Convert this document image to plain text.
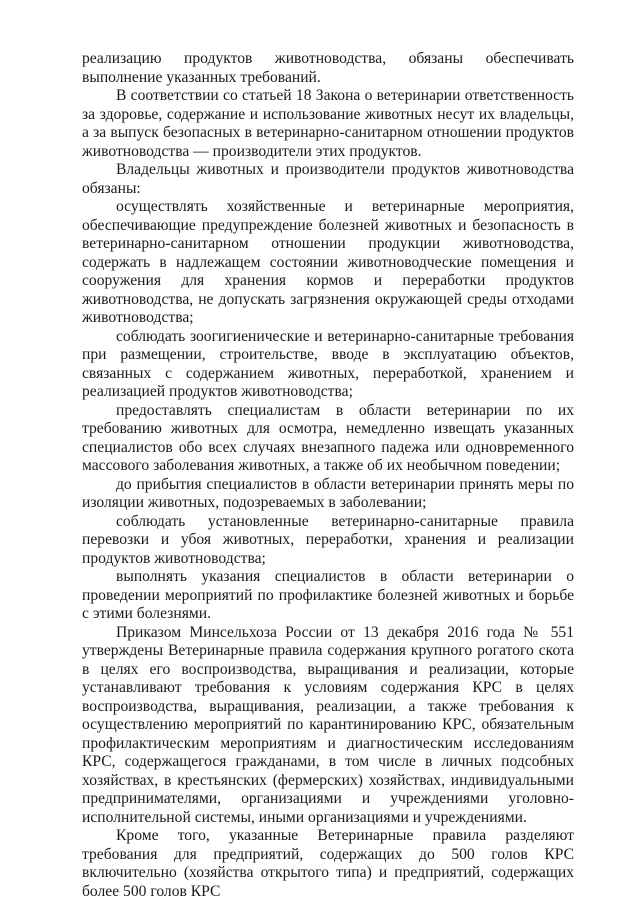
реализацию продуктов животноводства, обязаны обеспечивать выполнение указанных требований.

В соответствии со статьей 18 Закона о ветеринарии ответственность за здоровье, содержание и использование животных несут их владельцы, а за выпуск безопасных в ветеринарно-санитарном отношении продуктов животноводства — производители этих продуктов.

Владельцы животных и производители продуктов животноводства обязаны:

осуществлять хозяйственные и ветеринарные мероприятия, обеспечивающие предупреждение болезней животных и безопасность в ветеринарно-санитарном отношении продукции животноводства, содержать в надлежащем состоянии животноводческие помещения и сооружения для хранения кормов и переработки продуктов животноводства, не допускать загрязнения окружающей среды отходами животноводства;

соблюдать зоогигиенические и ветеринарно-санитарные требования при размещении, строительстве, вводе в эксплуатацию объектов, связанных с содержанием животных, переработкой, хранением и реализацией продуктов животноводства;

предоставлять специалистам в области ветеринарии по их требованию животных для осмотра, немедленно извещать указанных специалистов обо всех случаях внезапного падежа или одновременного массового заболевания животных, а также об их необычном поведении;

до прибытия специалистов в области ветеринарии принять меры по изоляции животных, подозреваемых в заболевании;

соблюдать установленные ветеринарно-санитарные правила перевозки и убоя животных, переработки, хранения и реализации продуктов животноводства;

выполнять указания специалистов в области ветеринарии о проведении мероприятий по профилактике болезней животных и борьбе с этими болезнями.

Приказом Минсельхоза России от 13 декабря 2016 года № 551 утверждены Ветеринарные правила содержания крупного рогатого скота в целях его воспроизводства, выращивания и реализации, которые устанавливают требования к условиям содержания КРС в целях воспроизводства, выращивания, реализации, а также требования к осуществлению мероприятий по карантинированию КРС, обязательным профилактическим мероприятиям и диагностическим исследованиям КРС, содержащегося гражданами, в том числе в личных подсобных хозяйствах, в крестьянских (фермерских) хозяйствах, индивидуальными предпринимателями, организациями и учреждениями уголовно-исполнительной системы, иными организациями и учреждениями.

Кроме того, указанные Ветеринарные правила разделяют требования для предприятий, содержащих до 500 голов КРС включительно (хозяйства открытого типа) и предприятий, содержащих более 500 голов КРС
